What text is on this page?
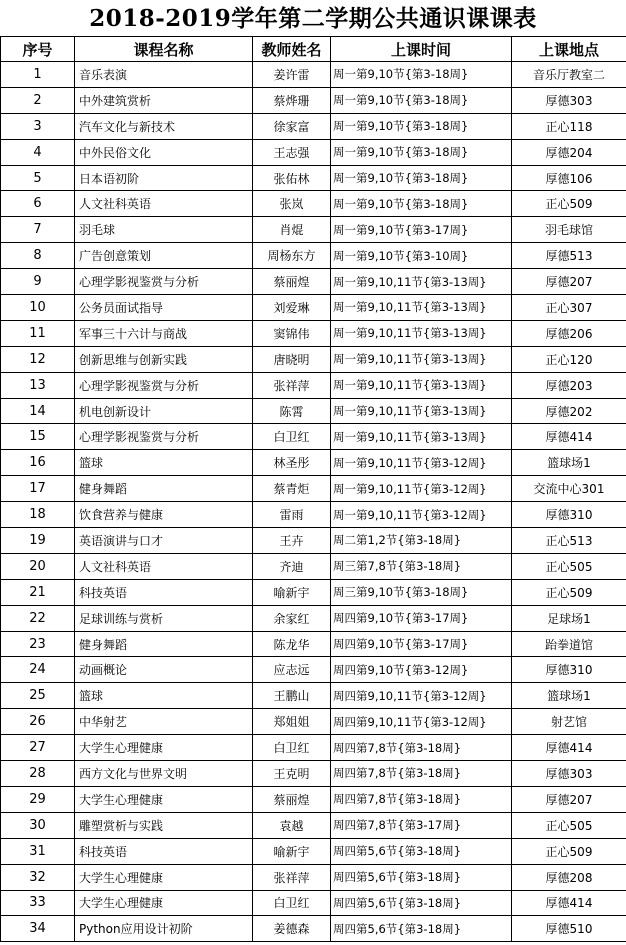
2018-2019学年第二学期公共通识课课表
序号	课程名称	教师姓名	上课时间	上课地点
1	音乐表演	姜许雷	周一第9,10节{第3-18周}	音乐厅教室二
2	中外建筑赏析	蔡烨珊	周一第9,10节{第3-18周}	厚德303
3	汽车文化与新技术	徐家富	周一第9,10节{第3-18周}	正心118
4	中外民俗文化	王志强	周一第9,10节{第3-18周}	厚德204
5	日本语初阶	张佑林	周一第9,10节{第3-18周}	厚德106
6	人文社科英语	张岚	周一第9,10节{第3-18周}	正心509
7	羽毛球	肖焜	周一第9,10节{第3-17周}	羽毛球馆
8	广告创意策划	周杨东方	周一第9,10节{第3-10周}	厚德513
9	心理学影视鉴赏与分析	蔡丽煌	周一第9,10,11节{第3-13周}	厚德207
10	公务员面试指导	刘爱琳	周一第9,10,11节{第3-13周}	正心307
11	军事三十六计与商战	窦锦伟	周一第9,10,11节{第3-13周}	厚德206
12	创新思维与创新实践	唐晓明	周一第9,10,11节{第3-13周}	正心120
13	心理学影视鉴赏与分析	张祥萍	周一第9,10,11节{第3-13周}	厚德203
14	机电创新设计	陈霄	周一第9,10,11节{第3-13周}	厚德202
15	心理学影视鉴赏与分析	白卫红	周一第9,10,11节{第3-13周}	厚德414
16	篮球	林圣彤	周一第9,10,11节{第3-12周}	篮球场1
17	健身舞蹈	蔡青炬	周一第9,10,11节{第3-12周}	交流中心301
18	饮食营养与健康	雷雨	周一第9,10,11节{第3-12周}	厚德310
19	英语演讲与口才	王卉	周二第1,2节{第3-18周}	正心513
20	人文社科英语	齐迪	周三第7,8节{第3-18周}	正心505
21	科技英语	喻新宇	周三第9,10节{第3-18周}	正心509
22	足球训练与赏析	余家红	周四第9,10节{第3-17周}	足球场1
23	健身舞蹈	陈龙华	周四第9,10节{第3-17周}	跆拳道馆
24	动画概论	应志远	周四第9,10节{第3-12周}	厚德310
25	篮球	王鹏山	周四第9,10,11节{第3-12周}	篮球场1
26	中华射艺	郑姐姐	周四第9,10,11节{第3-12周}	射艺馆
27	大学生心理健康	白卫红	周四第7,8节{第3-18周}	厚德414
28	西方文化与世界文明	王克明	周四第7,8节{第3-18周}	厚德303
29	大学生心理健康	蔡丽煌	周四第7,8节{第3-18周}	厚德207
30	雕塑赏析与实践	袁越	周四第7,8节{第3-17周}	正心505
31	科技英语	喻新宇	周四第5,6节{第3-18周}	正心509
32	大学生心理健康	张祥萍	周四第5,6节{第3-18周}	厚德208
33	大学生心理健康	白卫红	周四第5,6节{第3-18周}	厚德414
34	Python应用设计初阶	姜德森	周四第5,6节{第3-18周}	厚德510
